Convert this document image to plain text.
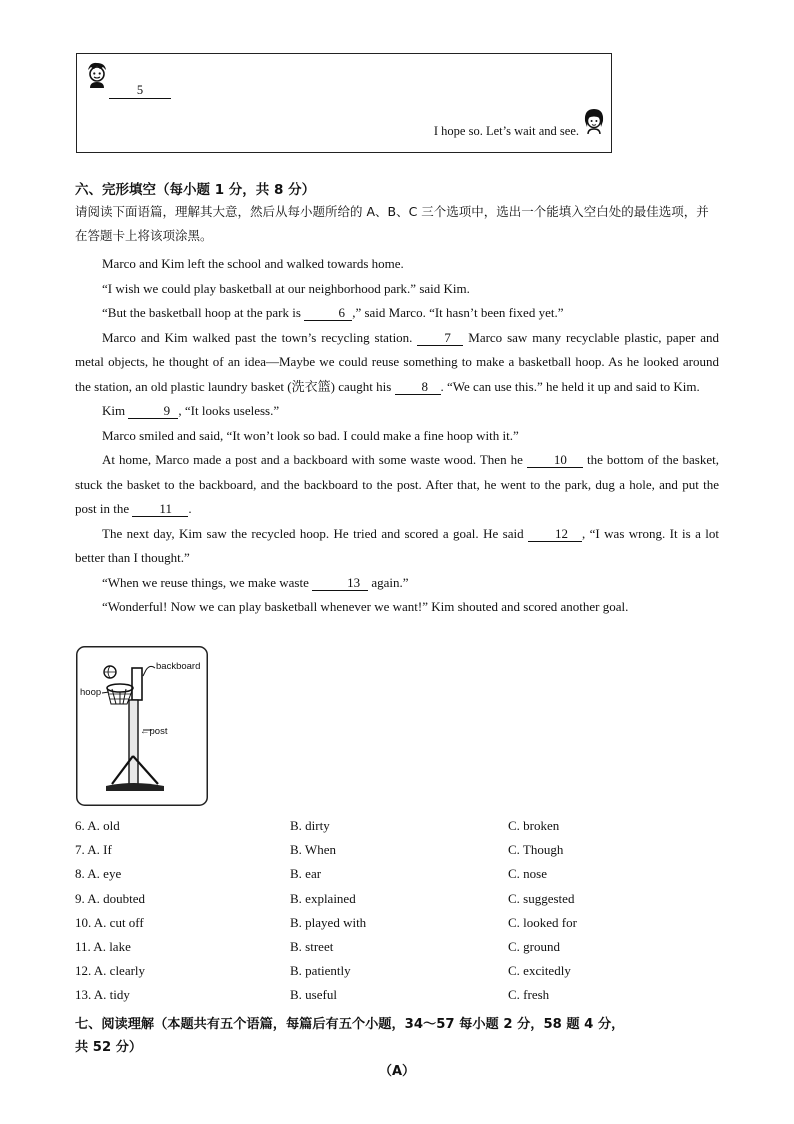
5
I hope so. Let’s wait and see.
六、完形填空（每小题 1 分，共 8 分）
请阅读下面语篇，理解其大意，然后从每小题所给的 A、B、C 三个选项中，选出一个能填入空白处的最佳选项，并在答题卡上将该项涂黑。

Marco and Kim left the school and walked towards home.

“I wish we could play basketball at our neighborhood park.” said Kim.

“But the basketball hoop at the park is	6 ,” said Marco. “It hasn’t been fixed yet.”

Marco and Kim walked past the town’s recycling station. 7 Marco saw many recyclable plastic, paper and metal objects, he thought of an idea—Maybe we could reuse something to make a basketball hoop. As he looked around the station, an old plastic laundry basket (洗衣篮) caught his 8 . “We can use this.” he held it up and said to Kim.

Kim	9 , “It looks useless.”

Marco smiled and said, “It won’t look so bad. I could make a fine hoop with it.”

At home, Marco made a post and a backboard with some waste wood. Then he 10 the bottom of the basket, stuck the basket to the backboard, and the backboard to the post. After that, he went to the park, dug a hole, and put the post in the 11 .

The next day, Kim saw the recycled hoop. He tried and scored a goal. He said 12 , “I was wrong. It is a lot better than I thought.”

“When we reuse things, we make waste	13 again.”

“Wonderful! Now we can play basketball whenever we want!” Kim shouted and scored another goal.

backboard
hoop
←post
6. A. old	B. dirty	C. broken
7. A. If	B. When	C. Though
8. A. eye	B. ear	C. nose
9. A. doubted	B. explained	C. suggested
10. A. cut off	B. played with	C. looked for
11. A. lake	B. street	C. ground
12. A. clearly	B. patiently	C. excitedly
13. A. tidy	B. useful	C. fresh
七、阅读理解（本题共有五个语篇，每篇后有五个小题，34～57 每小题 2 分，58 题 4 分，
共 52 分）
（A）
